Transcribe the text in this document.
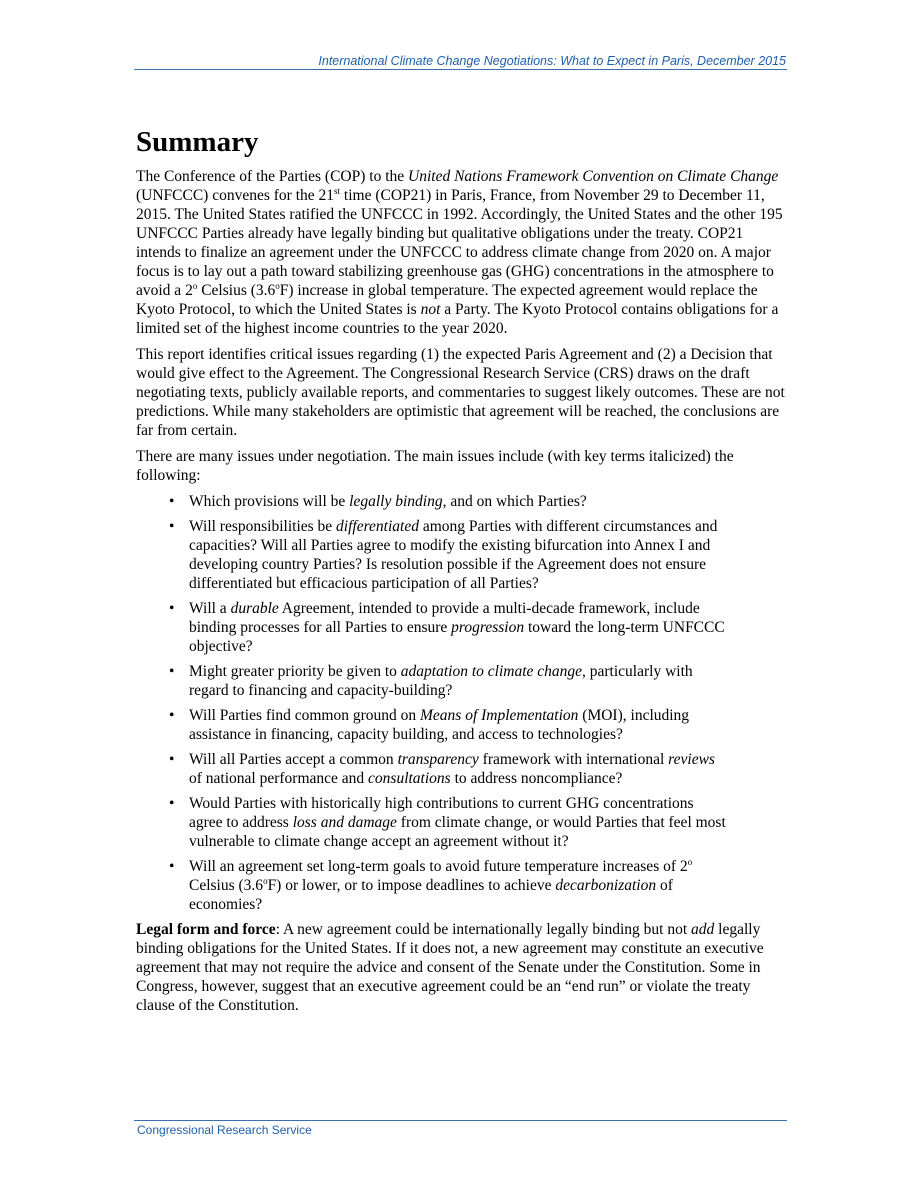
International Climate Change Negotiations: What to Expect in Paris, December 2015
Summary

The Conference of the Parties (COP) to the United Nations Framework Convention on Climate Change (UNFCCC) convenes for the 21st time (COP21) in Paris, France, from November 29 to December 11, 2015. The United States ratified the UNFCCC in 1992. Accordingly, the United States and the other 195 UNFCCC Parties already have legally binding but qualitative obligations under the treaty. COP21 intends to finalize an agreement under the UNFCCC to address climate change from 2020 on. A major focus is to lay out a path toward stabilizing greenhouse gas (GHG) concentrations in the atmosphere to avoid a 2$^o$ Celsius (3.6$^o$F) increase in global temperature. The expected agreement would replace the Kyoto Protocol, to which the United States is not a Party. The Kyoto Protocol contains obligations for a limited set of the highest income countries to the year 2020.

This report identifies critical issues regarding (1) the expected Paris Agreement and (2) a Decision that would give effect to the Agreement. The Congressional Research Service (CRS) draws on the draft negotiating texts, publicly available reports, and commentaries to suggest likely outcomes. These are not predictions. While many stakeholders are optimistic that agreement will be reached, the conclusions are far from certain.

There are many issues under negotiation. The main issues include (with key terms italicized) the following:

• Which provisions will be legally binding, and on which Parties?
• Will responsibilities be differentiated among Parties with different circumstances and capacities? Will all Parties agree to modify the existing bifurcation into Annex I and developing country Parties? Is resolution possible if the Agreement does not ensure differentiated but efficacious participation of all Parties?
• Will a durable Agreement, intended to provide a multi-decade framework, include binding processes for all Parties to ensure progression toward the long-term UNFCCC objective?
• Might greater priority be given to adaptation to climate change, particularly with regard to financing and capacity-building?
• Will Parties find common ground on Means of Implementation (MOI), including assistance in financing, capacity building, and access to technologies?
• Will all Parties accept a common transparency framework with international reviews of national performance and consultations to address noncompliance?
• Would Parties with historically high contributions to current GHG concentrations agree to address loss and damage from climate change, or would Parties that feel most vulnerable to climate change accept an agreement without it?
• Will an agreement set long-term goals to avoid future temperature increases of 2$^o$ Celsius (3.6$^o$F) or lower, or to impose deadlines to achieve decarbonization of economies?

Legal form and force: A new agreement could be internationally legally binding but not add legally binding obligations for the United States. If it does not, a new agreement may constitute an executive agreement that may not require the advice and consent of the Senate under the Constitution. Some in Congress, however, suggest that an executive agreement could be an “end run” or violate the treaty clause of the Constitution.

Congressional Research Service
